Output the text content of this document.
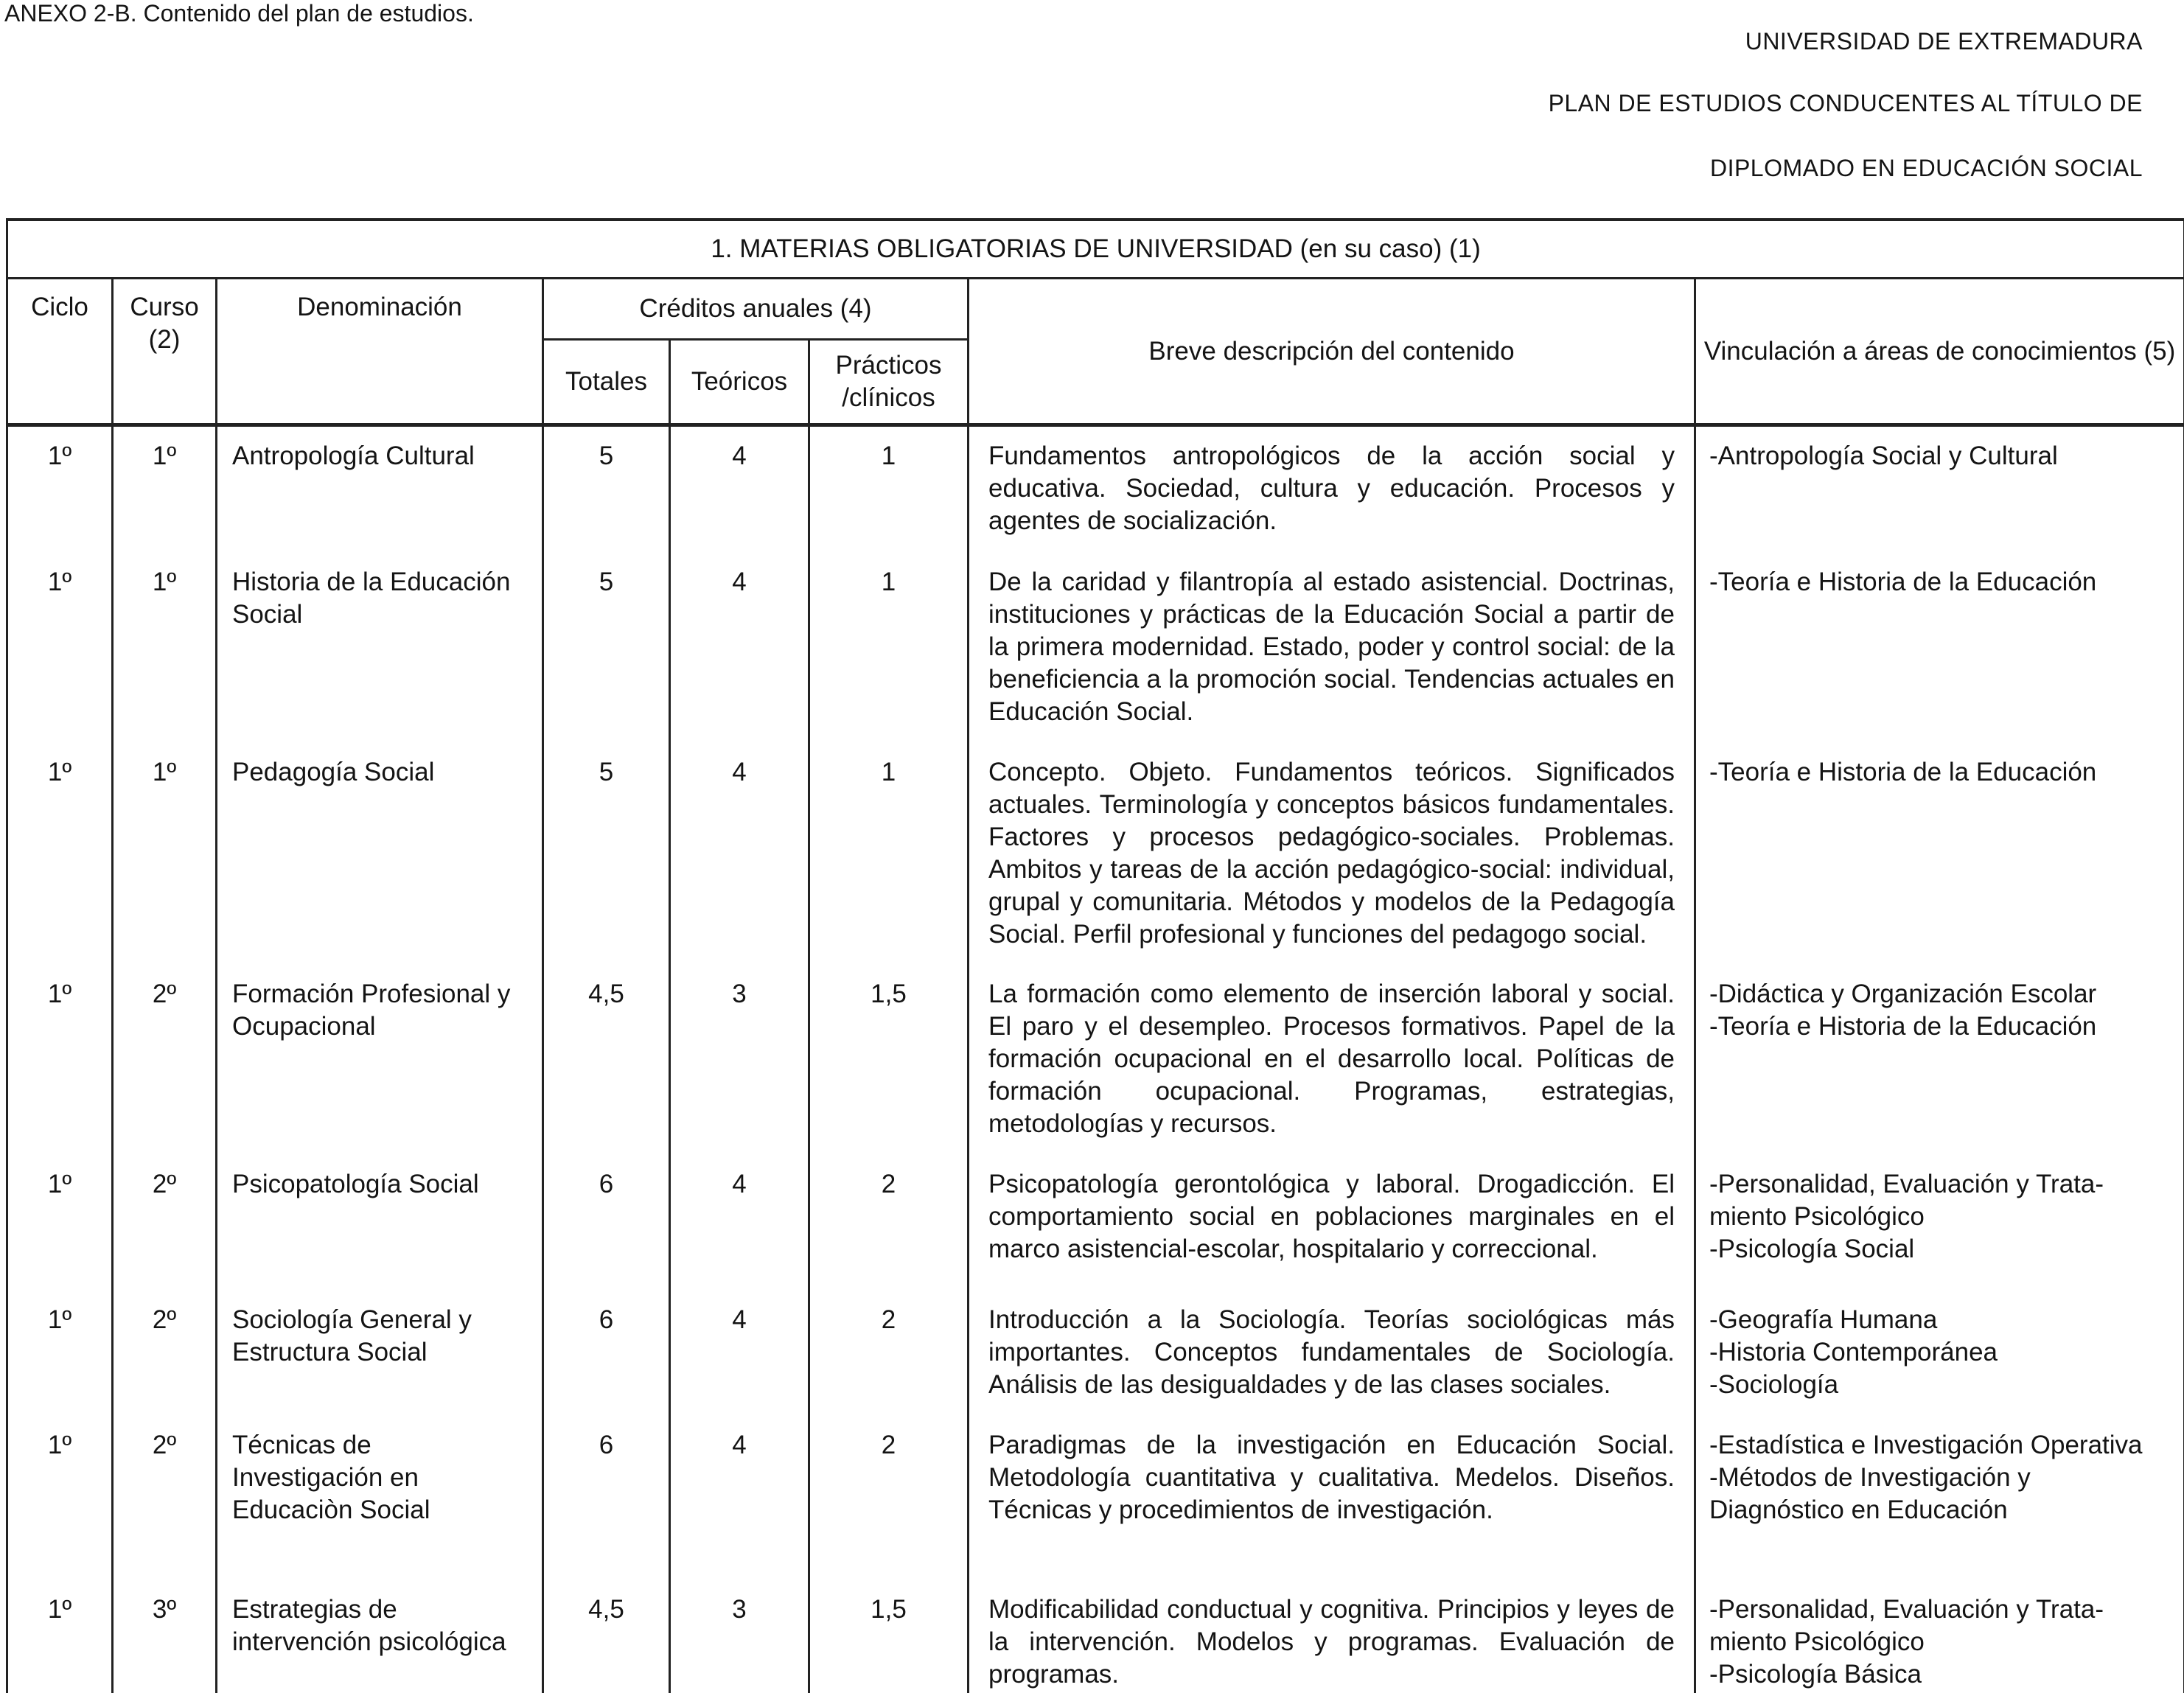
ANEXO 2-B. Contenido del plan de estudios.
UNIVERSIDAD DE EXTREMADURA
PLAN DE ESTUDIOS CONDUCENTES AL TÍTULO DE
DIPLOMADO EN EDUCACIÓN SOCIAL
1. MATERIAS OBLIGATORIAS DE UNIVERSIDAD (en su caso) (1)							
Ciclo	Curso (2)	Denominación	Créditos anuales (4)			Breve descripción del contenido	Vinculación a áreas de conocimientos (5)
			Totales	Teóricos	Prácticos /clínicos		
1º	1º	Antropología Cultural	5	4	1	Fundamentos antropológicos de la acción social y educativa. Sociedad, cultura y educación. Procesos y agentes de socialización.	-Antropología Social y Cultural

1º	1º	Historia de la Educación Social	5	4	1	De la caridad y filantropía al estado asistencial. Doctrinas, instituciones y prácticas de la Educación Social a partir de la primera modernidad. Estado, poder y control social: de la beneficiencia a la promoción social. Tendencias actuales en Educación Social.	-Teoría e Historia de la Educación

1º	1º	Pedagogía Social	5	4	1	Concepto. Objeto. Fundamentos teóricos. Significados actuales. Terminología y conceptos básicos fundamentales. Factores y procesos pedagógico-sociales. Problemas. Ambitos y tareas de la acción pedagógico-social: individual, grupal y comunitaria. Métodos y modelos de la Pedagogía Social. Perfil profesional y funciones del pedagogo social.	-Teoría e Historia de la Educación

1º	2º	Formación Profesional y Ocupacional	4,5	3	1,5	La formación como elemento de inserción laboral y social. El paro y el desempleo. Procesos formativos. Papel de la formación ocupacional en el desarrollo local. Políticas de formación ocupacional. Programas, estrategias, metodologías y recursos.	-Didáctica y Organización Escolar
-Teoría e Historia de la Educación

1º	2º	Psicopatología Social	6	4	2	Psicopatología gerontológica y laboral. Drogadicción. El comportamiento social en poblaciones marginales en el marco asistencial-escolar, hospitalario y correccional.	-Personalidad, Evaluación y Trata-
miento Psicológico
-Psicología Social

1º	2º	Sociología General y Estructura Social	6	4	2	Introducción a la Sociología. Teorías sociológicas más importantes. Conceptos fundamentales de Sociología. Análisis de las desigualdades y de las clases sociales.	-Geografía Humana
-Historia Contemporánea
-Sociología

1º	2º	Técnicas de Investigación en Educaciòn Social	6	4	2	Paradigmas de la investigación en Educación Social. Metodología cuantitativa y cualitativa. Medelos. Diseños. Técnicas y procedimientos de investigación.	-Estadística e Investigación Operativa
-Métodos de Investigación y
Diagnóstico en Educación

1º	3º	Estrategias de intervención psicológica	4,5	3	1,5	Modificabilidad conductual y cognitiva. Principios y leyes de la intervención. Modelos y programas. Evaluación de programas.	-Personalidad, Evaluación y Trata-
miento Psicológico
-Psicología Básica
